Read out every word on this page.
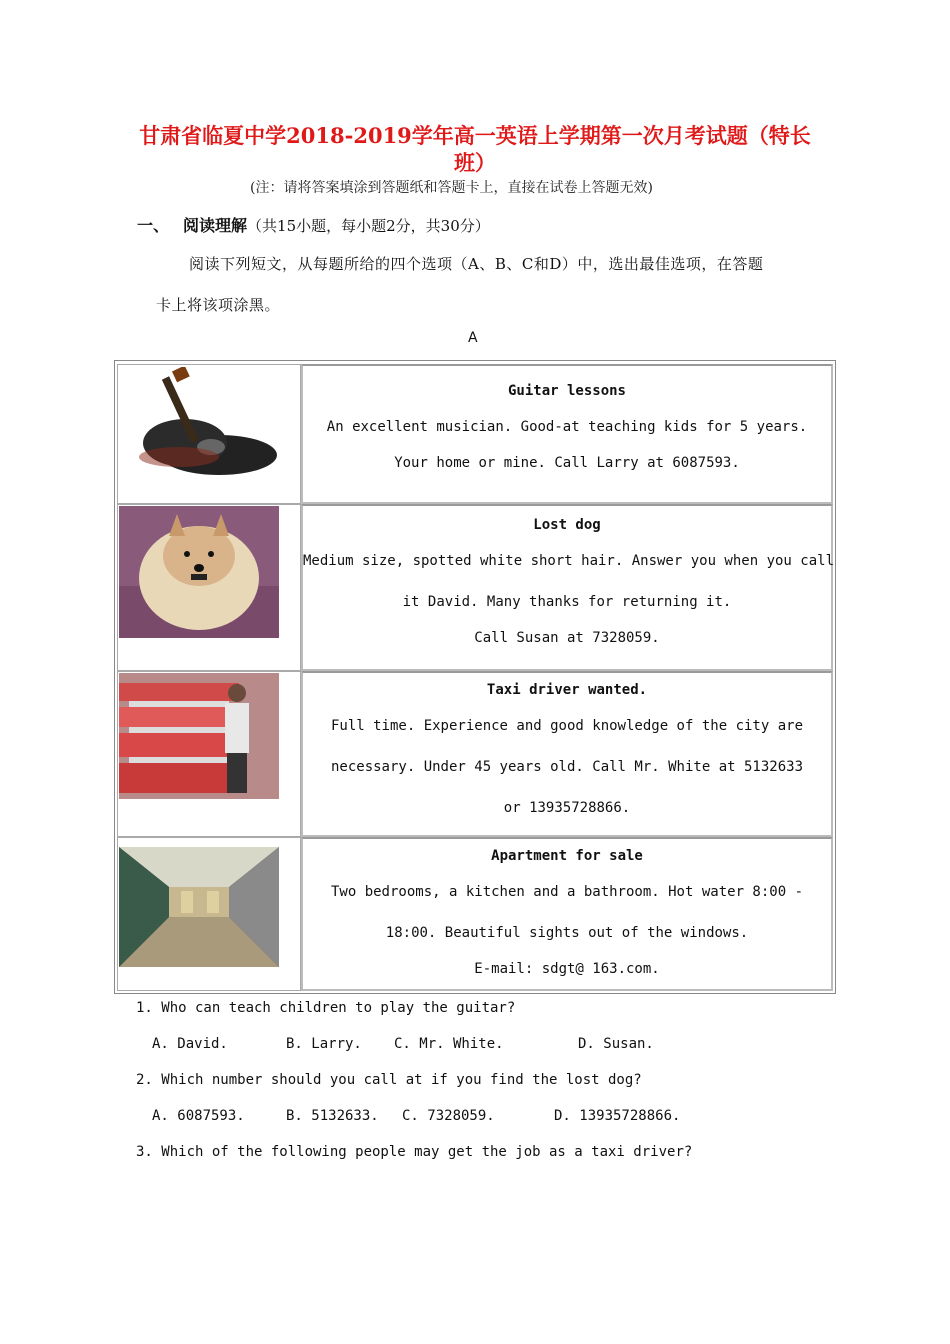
甘肃省临夏中学2018-2019学年高一英语上学期第一次月考试题（特长班）
(注：请将答案填涂到答题纸和答题卡上，直接在试卷上答题无效)
一、 阅读理解（共15小题，每小题2分，共30分）
阅读下列短文，从每题所给的四个选项（A、B、C和D）中，选出最佳选项，在答题
卡上将该项涂黑。
A
Guitar lessons
An excellent musician. Good-at teaching kids for 5 years.
Your home or mine. Call Larry at 6087593.
Lost dog
Medium size, spotted white short hair. Answer you when you call
it David. Many thanks for returning it.
Call Susan at 7328059.
Taxi driver wanted.
Full time. Experience and good knowledge of the city are
necessary. Under 45 years old. Call Mr. White at 5132633
or 13935728866.
Apartment for sale
Two bedrooms, a kitchen and a bathroom. Hot water 8:00 -
18:00. Beautiful sights out of the windows.
E-mail: sdgt@ 163.com.
1. Who can teach children to play the guitar?
A. David.	B. Larry. C. Mr. White.	D. Susan.
2. Which number should you call at if you find the lost dog?
A. 6087593.	B. 5132633. C. 7328059.	D. 13935728866.
3. Which of the following people may get the job as a taxi driver?
